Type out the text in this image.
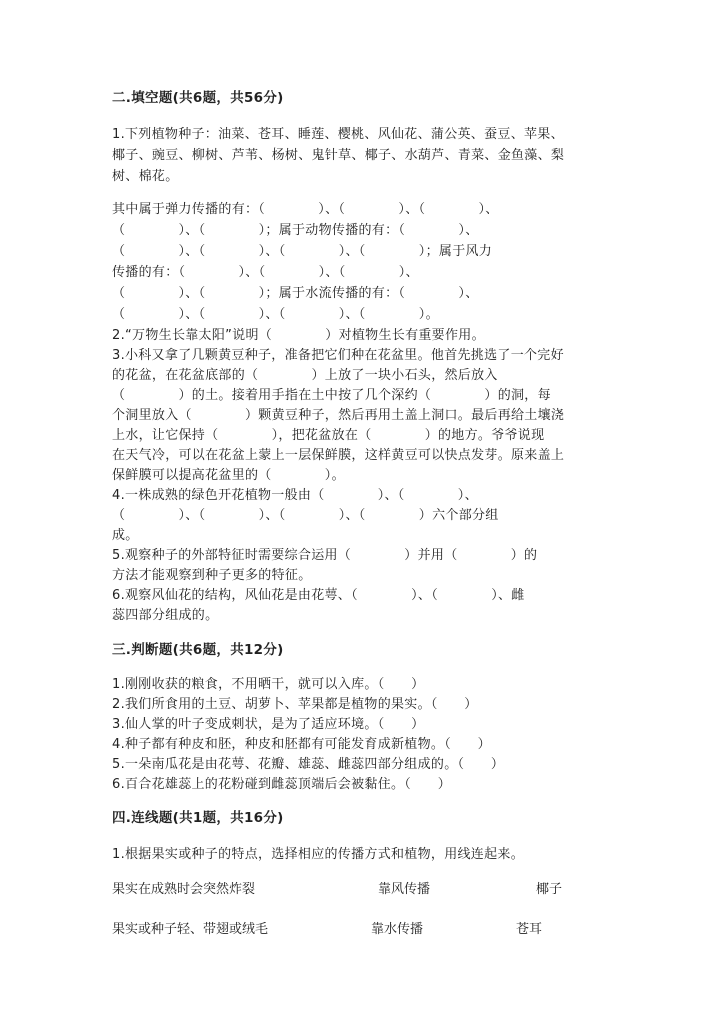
二.填空题(共6题，共56分)
1.下列植物种子：油菜、苍耳、睡莲、樱桃、风仙花、蒲公英、蚕豆、苹果、
椰子、豌豆、柳树、芦苇、杨树、鬼针草、椰子、水葫芦、青菜、金鱼藻、梨
树、棉花。
其中属于弹力传播的有：（　　　　）、（　　　　）、（　　　　）、
（　　　　）、（　　　　）；属于动物传播的有：（　　　　）、
（　　　　）、（　　　　）、（　　　　）、（　　　　）；属于风力
传播的有：（　　　　）、（　　　　）、（　　　　）、
（　　　　）、（　　　　）；属于水流传播的有：（　　　　）、
（　　　　）、（　　　　）、（　　　　）、（　　　　）。
2.“万物生长靠太阳”说明（　　　　）对植物生长有重要作用。
3.小科又拿了几颗黄豆种子，准备把它们种在花盆里。他首先挑选了一个完好
的花盆，在花盆底部的（　　　　）上放了一块小石头，然后放入
（　　　　）的土。接着用手指在土中按了几个深约（　　　　）的洞，每
个洞里放入（　　　　）颗黄豆种子，然后再用土盖上洞口。最后再给土壤浇
上水，让它保持（　　　　），把花盆放在（　　　　）的地方。爷爷说现
在天气冷，可以在花盆上蒙上一层保鲜膜，这样黄豆可以快点发芽。原来盖上
保鲜膜可以提高花盆里的（　　　　）。
4.一株成熟的绿色开花植物一般由（　　　　）、（　　　　）、
（　　　　）、（　　　　）、（　　　　）、（　　　　）六个部分组
成。
5.观察种子的外部特征时需要综合运用（　　　　）并用（　　　　）的
方法才能观察到种子更多的特征。
6.观察风仙花的结构，风仙花是由花萼、（　　　　）、（　　　　）、雌
蕊四部分组成的。
三.判断题(共6题，共12分)
1.刚刚收获的粮食，不用晒干，就可以入库。（　　）
2.我们所食用的土豆、胡萝卜、苹果都是植物的果实。（　　）
3.仙人掌的叶子变成刺状，是为了适应环境。（　　）
4.种子都有种皮和胚，种皮和胚都有可能发育成新植物。（　　）
5.一朵南瓜花是由花萼、花瓣、雄蕊、雌蕊四部分组成的。（　　）
6.百合花雄蕊上的花粉碰到雌蕊顶端后会被黏住。（　　）
四.连线题(共1题，共16分)
1.根据果实或种子的特点，选择相应的传播方式和植物，用线连起来。
果实在成熟时会突然炸裂	靠风传播	椰子
果实或种子轻、带翅或绒毛	靠水传播	苍耳
